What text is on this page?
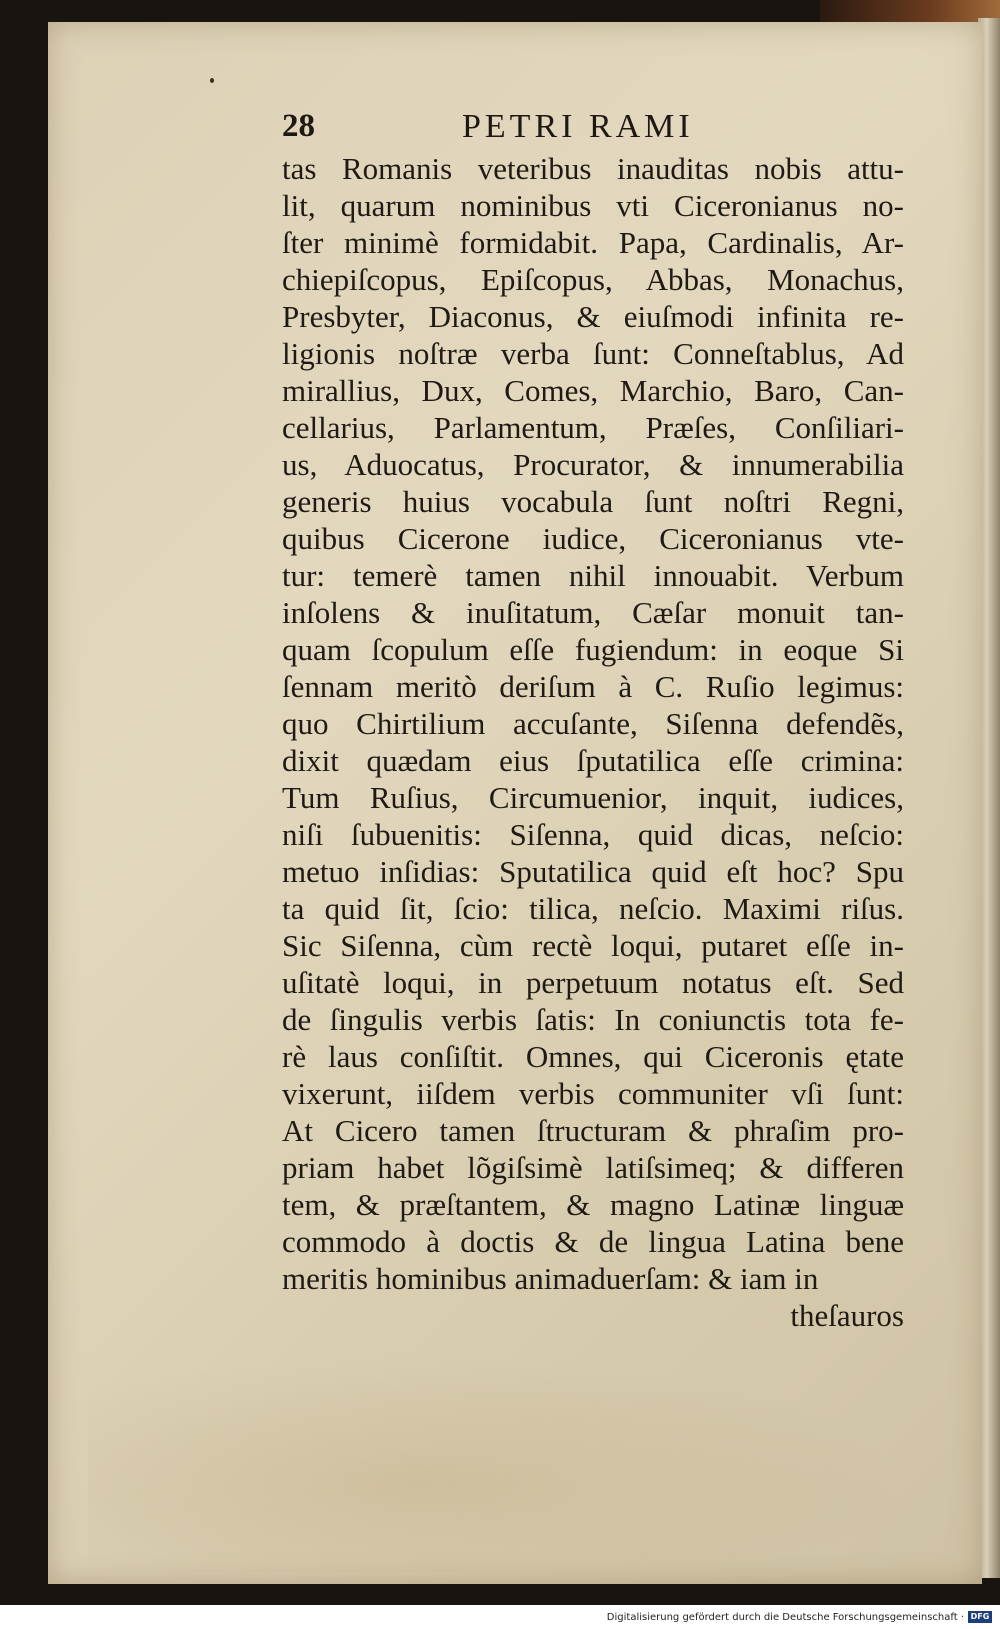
28	PETRI RAMI
tas Romanis veteribus inauditas nobis attu-
lit, quarum nominibus vti Ciceronianus no-
ſter minimè formidabit. Papa, Cardinalis, Ar-
chiepiſcopus, Epiſcopus, Abbas, Monachus,
Presbyter, Diaconus, & eiuſmodi infinita re-
ligionis noſtræ verba ſunt: Conneſtablus, Ad
mirallius, Dux, Comes, Marchio, Baro, Can-
cellarius, Parlamentum, Præſes, Conſiliari-
us, Aduocatus, Procurator, & innumerabilia
generis huius vocabula ſunt noſtri Regni,
quibus Cicerone iudice, Ciceronianus vte-
tur: temerè tamen nihil innouabit. Verbum
inſolens & inuſitatum, Cæſar monuit tan-
quam ſcopulum eſſe fugiendum: in eoque Si
ſennam meritò deriſum à C. Ruſio legimus:
quo Chirtilium accuſante, Siſenna defendẽs,
dixit quædam eius ſputatilica eſſe crimina:
Tum Ruſius, Circumuenior, inquit, iudices,
niſi ſubuenitis: Siſenna, quid dicas, neſcio:
metuo inſidias: Sputatilica quid eſt hoc? Spu
ta quid ſit, ſcio: tilica, neſcio. Maximi riſus.
Sic Siſenna, cùm rectè loqui, putaret eſſe in-
uſitatè loqui, in perpetuum notatus eſt. Sed
de ſingulis verbis ſatis: In coniunctis tota fe-
rè laus conſiſtit. Omnes, qui Ciceronis ętate
vixerunt, iiſdem verbis communiter vſi ſunt:
At Cicero tamen ſtructuram & phraſim pro-
priam habet lõgiſsimè latiſsimeq; & differen
tem, & præſtantem, & magno Latinæ linguæ
commodo à doctis & de lingua Latina bene
meritis hominibus animaduerſam: & iam in
theſauros
Digitalisierung gefördert durch die Deutsche Forschungsgemeinschaft · DFG
